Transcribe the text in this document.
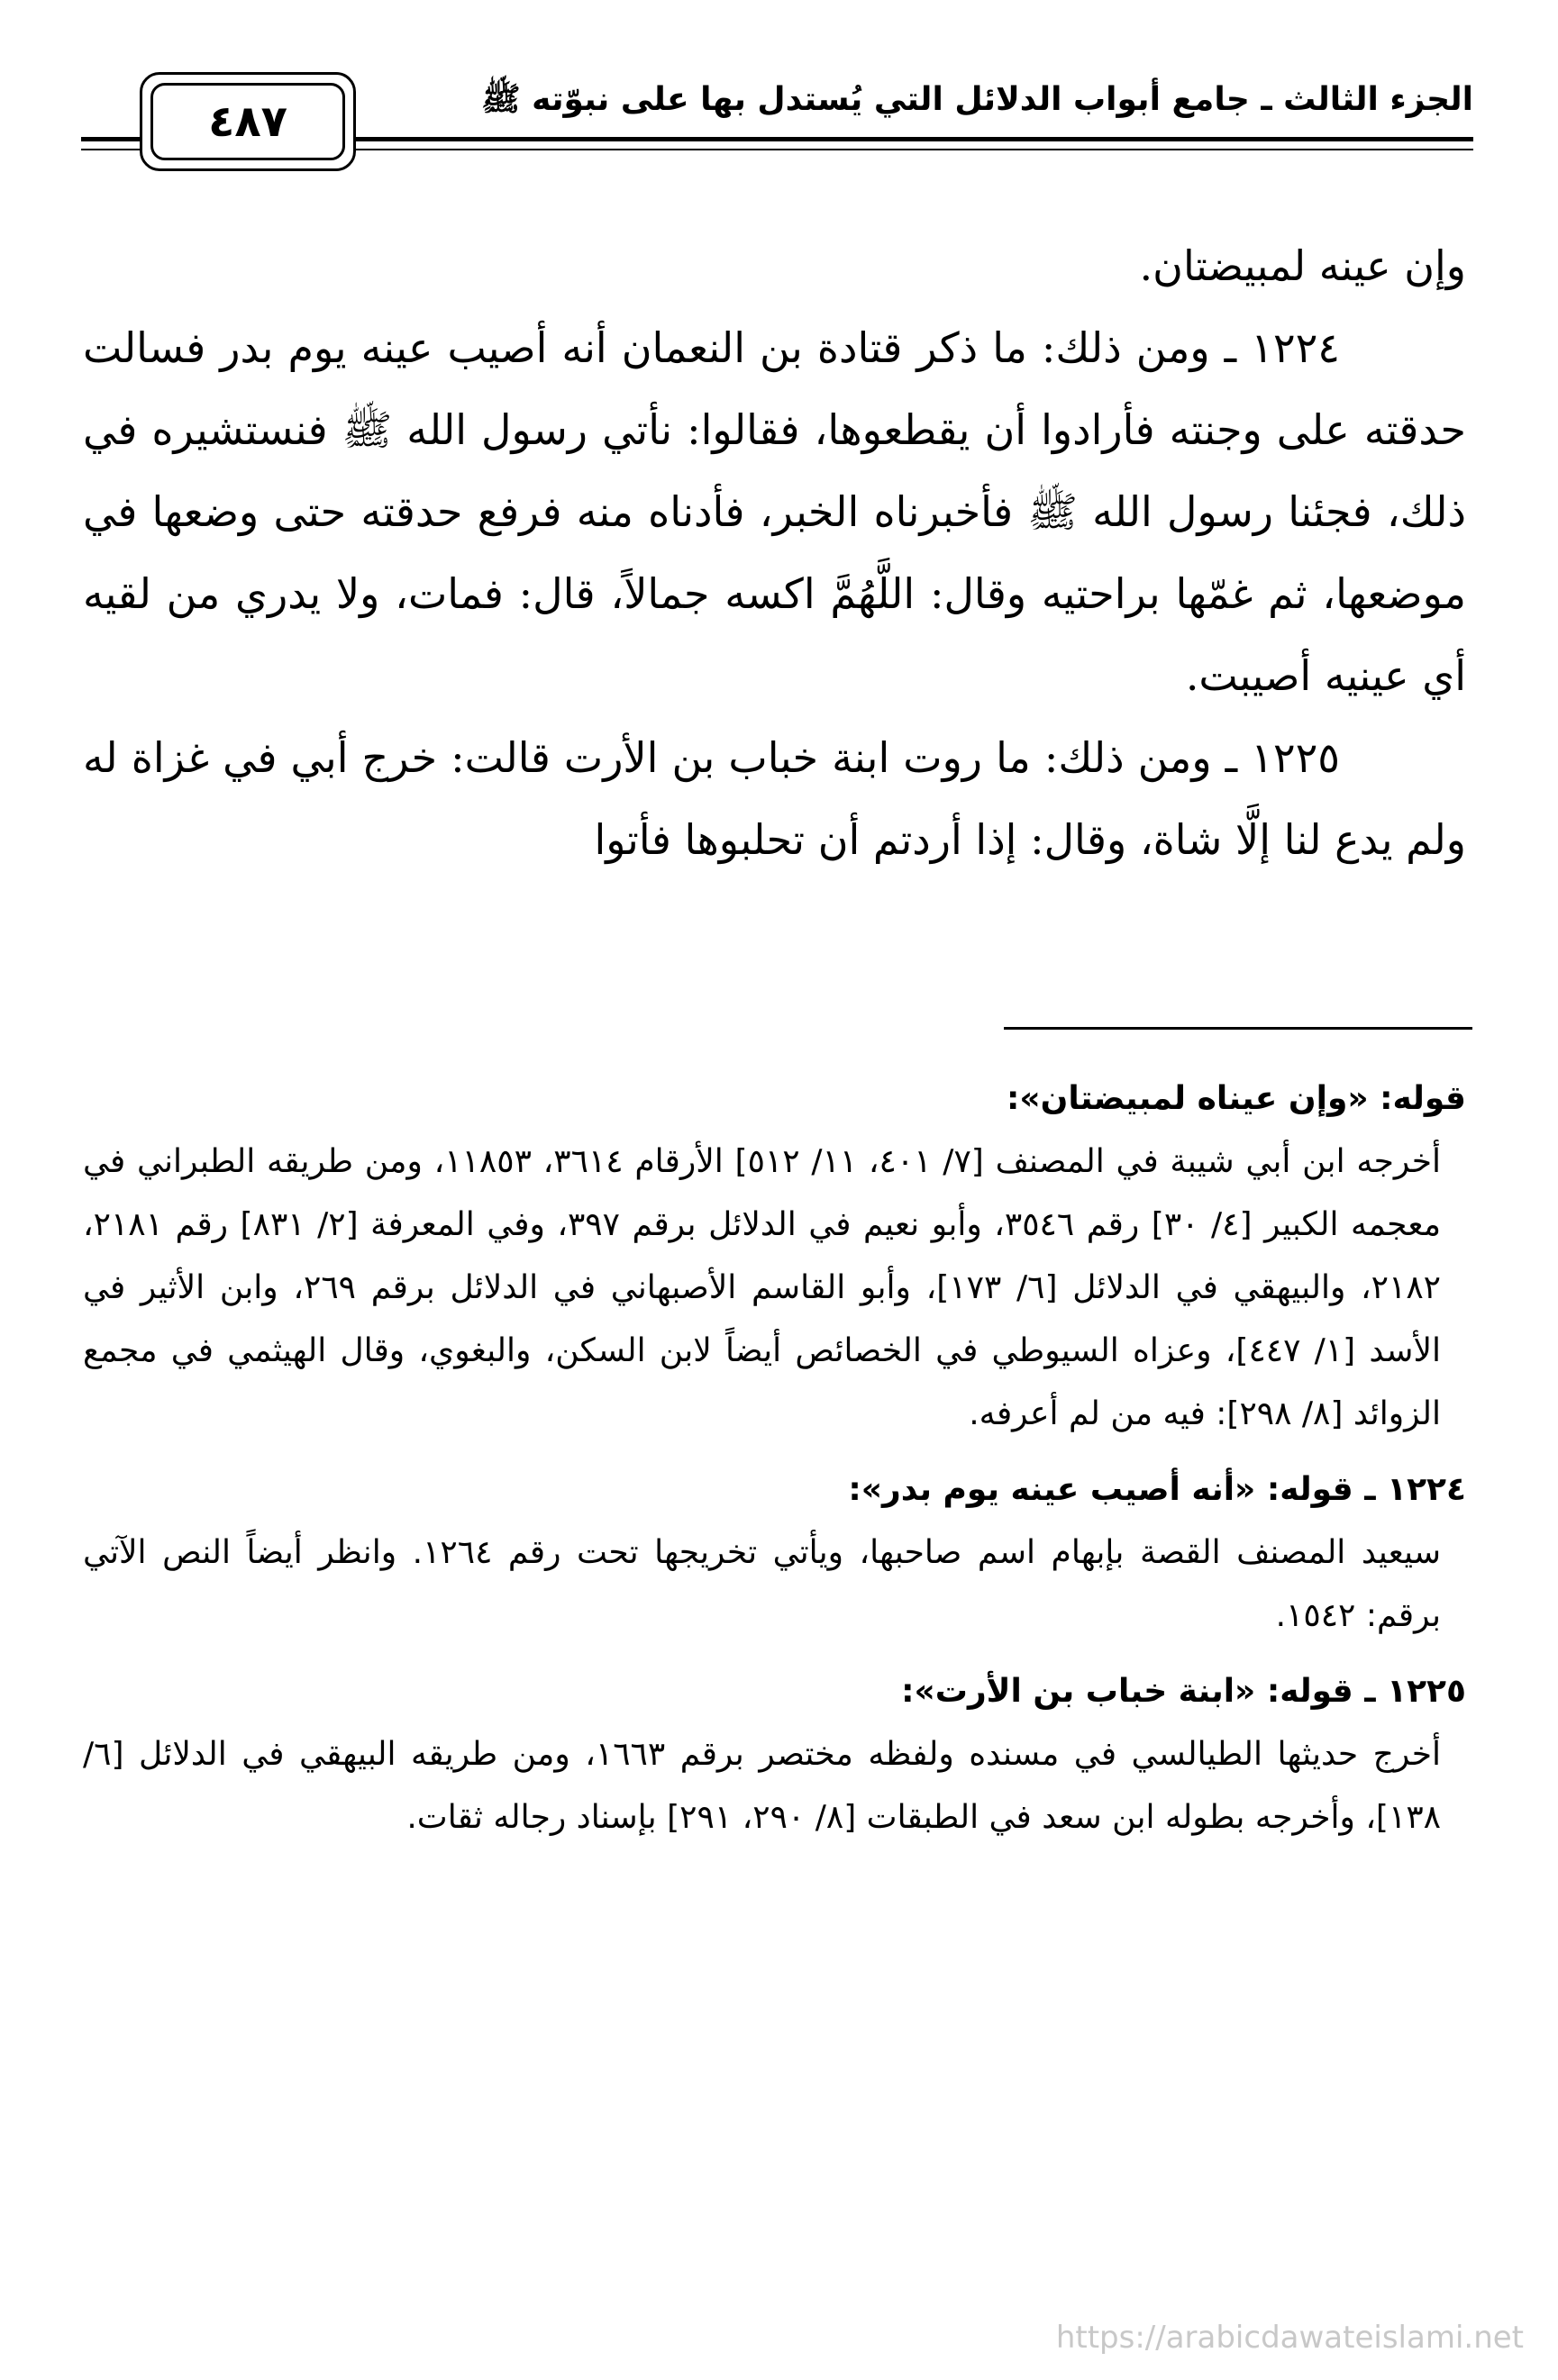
الجزء الثالث ـ جامع أبواب الدلائل التي يُستدل بها على نبوّته ﷺ
٤٨٧

وإن عينه لمبيضتان.

١٢٢٤ ـ ومن ذلك: ما ذكر قتادة بن النعمان أنه أصيب عينه يوم بدر فسالت حدقته على وجنته فأرادوا أن يقطعوها، فقالوا: نأتي رسول الله ﷺ فنستشيره في ذلك، فجئنا رسول الله ﷺ فأخبرناه الخبر، فأدناه منه فرفع حدقته حتى وضعها في موضعها، ثم غمّها براحتيه وقال: اللَّهُمَّ اكسه جمالاً، قال: فمات، ولا يدري من لقيه أي عينيه أصيبت.

١٢٢٥ ـ ومن ذلك: ما روت ابنة خباب بن الأرت قالت: خرج أبي في غزاة له ولم يدع لنا إلَّا شاة، وقال: إذا أردتم أن تحلبوها فأتوا

قوله: «وإن عيناه لمبيضتان»:

أخرجه ابن أبي شيبة في المصنف [٧/ ٤٠١، ١١/ ٥١٢] الأرقام ٣٦١٤، ١١٨٥٣، ومن طريقه الطبراني في معجمه الكبير [٤/ ٣٠] رقم ٣٥٤٦، وأبو نعيم في الدلائل برقم ٣٩٧، وفي المعرفة [٢/ ٨٣١] رقم ٢١٨١، ٢١٨٢، والبيهقي في الدلائل [٦/ ١٧٣]، وأبو القاسم الأصبهاني في الدلائل برقم ٢٦٩، وابن الأثير في الأسد [١/ ٤٤٧]، وعزاه السيوطي في الخصائص أيضاً لابن السكن، والبغوي، وقال الهيثمي في مجمع الزوائد [٨/ ٢٩٨]: فيه من لم أعرفه.

١٢٢٤ ـ قوله: «أنه أصيب عينه يوم بدر»:

سيعيد المصنف القصة بإبهام اسم صاحبها، ويأتي تخريجها تحت رقم ١٢٦٤. وانظر أيضاً النص الآتي برقم: ١٥٤٢.

١٢٢٥ ـ قوله: «ابنة خباب بن الأرت»:

أخرج حديثها الطيالسي في مسنده ولفظه مختصر برقم ١٦٦٣، ومن طريقه البيهقي في الدلائل [٦/ ١٣٨]، وأخرجه بطوله ابن سعد في الطبقات [٨/ ٢٩٠، ٢٩١] بإسناد رجاله ثقات.

https://arabicdawateislami.net
